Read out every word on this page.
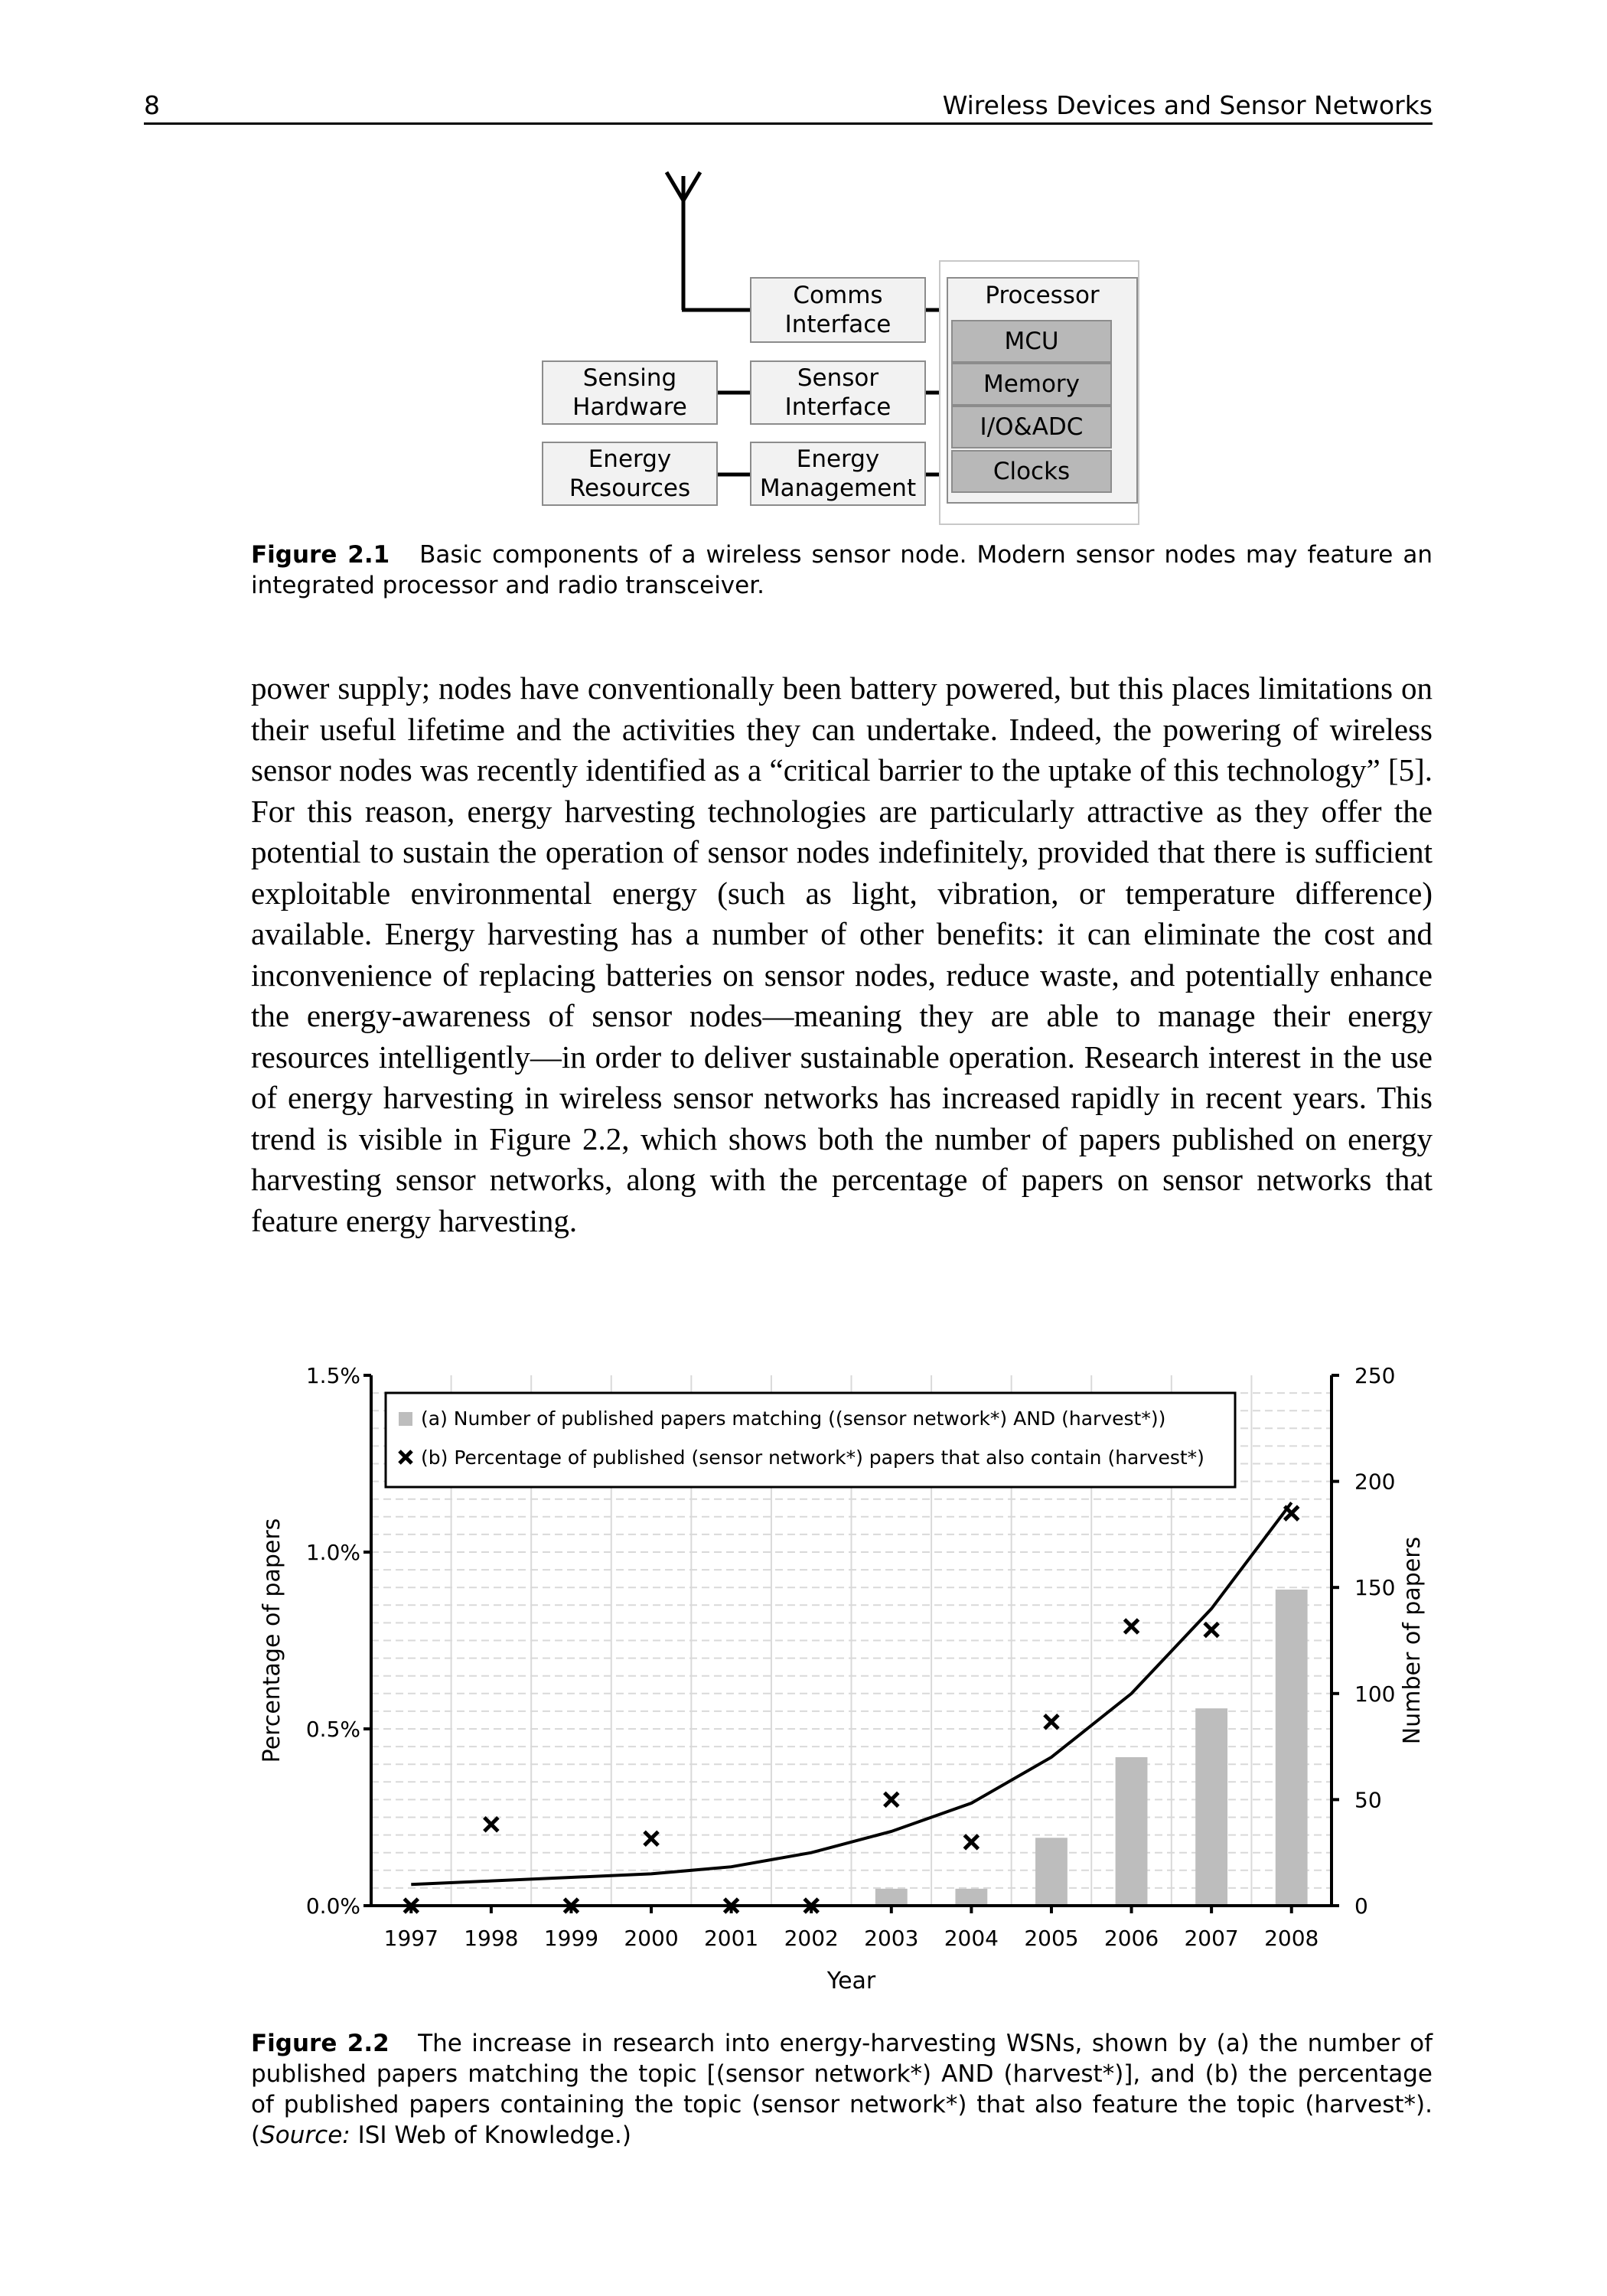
8	Wireless Devices and Sensor Networks
Sensing
Hardware
Energy
Resources
Comms
Interface
Sensor
Interface
Energy
Management
Processor
MCU
Memory
I/O&ADC
Clocks
Figure 2.1 Basic components of a wireless sensor node. Modern sensor nodes may feature an integrated processor and radio transceiver.

power supply; nodes have conventionally been battery powered, but this places limitations on their useful lifetime and the activities they can undertake. Indeed, the powering of wireless sensor nodes was recently identified as a “critical barrier to the uptake of this technology” [5]. For this reason, energy harvesting technologies are particularly attractive as they offer the potential to sustain the operation of sensor nodes indefinitely, provided that there is sufficient exploitable environmental energy (such as light, vibration, or temperature difference) available. Energy harvesting has a number of other benefits: it can eliminate the cost and inconvenience of replacing batteries on sensor nodes, reduce waste, and potentially enhance the energy-awareness of sensor nodes—meaning they are able to manage their energy resources intelligently—in order to deliver sustainable operation. Research interest in the use of energy harvesting in wireless sensor networks has increased rapidly in recent years. This trend is visible in Figure 2.2, which shows both the number of papers published on energy harvesting sensor networks, along with the percentage of papers on sensor networks that feature energy harvesting.

0.0%
0.5%
1.0%
1.5%
0
50
100
150
200
250
1997 1998 1999 2000 2001 2002 2003 2004 2005 2006 2007 2008
(a) Number of published papers matching ((sensor network*) AND (harvest*))
(b) Percentage of published (sensor network*) papers that also contain (harvest*)
Percentage of papers	Number of papers
Year
Figure 2.2 The increase in research into energy-harvesting WSNs, shown by (a) the number of published papers matching the topic [(sensor network*) AND (harvest*)], and (b) the percentage of published papers containing the topic (sensor network*) that also feature the topic (harvest*). (Source: ISI Web of Knowledge.)
